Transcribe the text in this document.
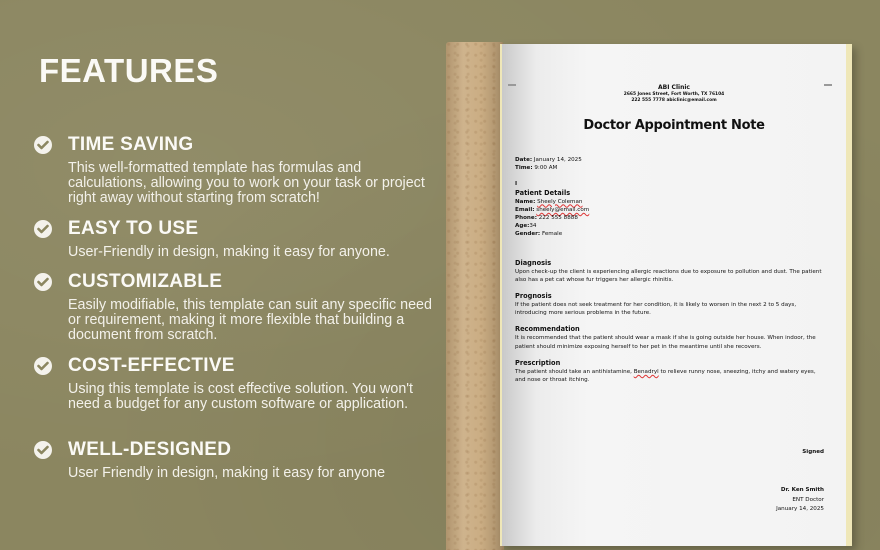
FEATURES
TIME SAVING
This well-formatted template has formulas and calculations, allowing you to work on your task or project right away without starting from scratch!
EASY TO USE
User-Friendly in design, making it easy for anyone.
CUSTOMIZABLE
Easily modifiable, this template can suit any specific need or requirement, making it more flexible that building a document from scratch.
COST-EFFECTIVE
Using this template is cost effective solution. You won't need a budget for any custom software or application.
WELL-DESIGNED
User Friendly in design, making it easy for anyone
ABI Clinic
2665 Jones Street, Fort Worth, TX 76104
222 555 7778 abiclinic@email.com
Doctor Appointment Note
Date: January 14, 2025
Time: 9:00 AM
I
Patient Details
Name: Sheely Coleman
Email: sheely@email.com
Phone: 222 555 8888
Age:34
Gender: Female
Diagnosis
Upon check-up the client is experiencing allergic reactions due to exposure to pollution and dust. The patient also has a pet cat whose fur triggers her allergic rhinitis.
Prognosis
If the patient does not seek treatment for her condition, it is likely to worsen in the next 2 to 5 days, introducing more serious problems in the future.
Recommendation
It is recommended that the patient should wear a mask if she is going outside her house. When indoor, the patient should minimize exposing herself to her pet in the meantime until she recovers.
Prescription
The patient should take an antihistamine, Benadryl to relieve runny nose, sneezing, itchy and watery eyes, and nose or throat itching.
Signed
Dr. Ken Smith
ENT Doctor
January 14, 2025
